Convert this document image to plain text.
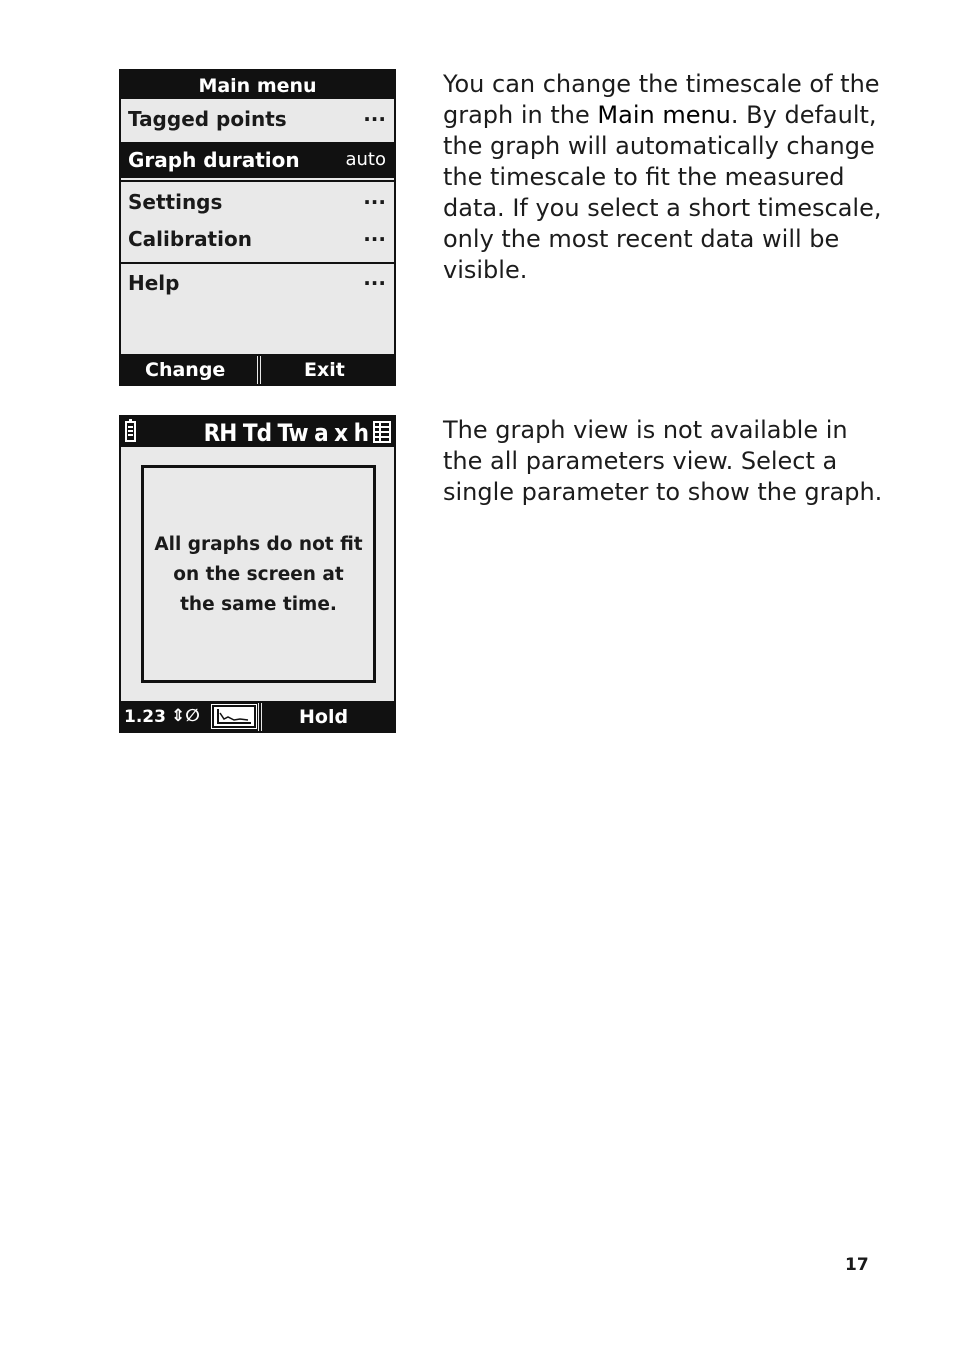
Main menu
Tagged points	···
Graph duration	auto
Settings	···
Calibration	···
Help	···
Change	Exit

You can change the timescale of the graph in the Main menu. By default, the graph will automatically change the timescale to fit the measured data. If you select a short timescale, only the most recent data will be visible.

RH Td Tw a x h
All graphs do not fit
on the screen at
the same time.
1.23 ⇕∅	Hold

The graph view is not available in the all parameters view. Select a single parameter to show the graph.

17
